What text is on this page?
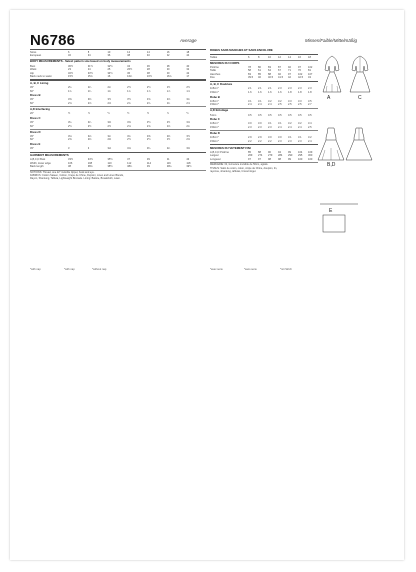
N6786	Average	Misses/Faible/Mittelmäßig
Sizes	6	8	10	12	14	16	18
European	32	34	36	38	40	42	44
BODY MEASUREMENTS - Select pattern size based on body measurements
Bust	30½	31½	32½	34	36	38	40
Waist	23	24	25	26½	28	30	32
Hip	32½	33½	34½	36	38	40	42
Back neck to waist	15½	15¾	16	16¼	16½	16¾	17
A, B, C Lining
45"	2¼	2¼	2¼	2½	2½	2½	2½
60"	1¾	1¾	1¾	1¾	1⅞	1⅞	1⅞
Dress B
45"	3⅜	3⅜	3½	3½	3⅝	3⅝	3¾
60"	2⅝	2⅝	2⅝	2¾	2¾	2¾	2⅞
A,D Interfacing
20"	½	½	½	½	½	½	½
Dress C
45"	3¼	3¼	3⅜	3⅜	3½	3½	3⅝
60"	2½	2½	2½	2⅝	2⅝	2⅝	2¾
Dress D
45"	3⅛	3⅛	3¼	3¼	3⅜	3⅜	3½
60"	2⅜	2⅜	2⅜	2½	2½	2½	2⅝
Dress E
45"	3	3	3⅛	3⅛	3¼	3¼	3⅜
GARMENT MEASUREMENTS
A,B,C,D Bust	33½	34½	35½	37	39	41	43
Width, lower edge	106	108	110	112	114	116	118
Back length	38	38¼	38½	38¾	39	39¼	39½
NOTIONS: Thread, one 22" invisible zipper, hook and eye.
FABRICS: Cotton Sateen, Cotton, Crepe de Chine, Dupioni, Linen and Linen Blends,
Rayon, Shantung, Taffeta, Lightweight Brocade. Lining: Batiste, Broadcloth, Lawn.
ROBES SANS MANCHES ET SANS ENCOLURE
Tailles	6	8	10	12	14	16	18
MESURES DU CORPS
Poitrine	78	80	83	87	92	97	102
Taille	58	61	64	67	71	76	81
Hanches	83	85	88	92	97	102	107
Dos	39.5	40	40.5	41.5	42	42.5	43
A, B, C Doublure
115cm*	2.1	2.1	2.1	2.3	2.3	2.3	2.3
150cm*	1.6	1.6	1.6	1.6	1.8	1.8	1.8
Robe B
115cm*	3.1	3.1	3.2	3.2	3.3	3.3	3.5
150cm*	2.4	2.4	2.4	2.5	2.5	2.5	2.7
A,D Entoilage
51cm	0.5	0.5	0.5	0.5	0.5	0.5	0.5
Robe C
115cm*	3.0	3.0	3.1	3.1	3.2	3.2	3.4
150cm*	2.3	2.3	2.3	2.4	2.4	2.4	2.5
Robe D
115cm*	2.9	2.9	3.0	3.0	3.1	3.1	3.2
150cm*	2.2	2.2	2.2	2.3	2.3	2.3	2.4
MESURES DU VÊTEMENT FINI
A,B,C,D Poitrine	85	88	90	94	99	104	109
Largeur	269	274	279	284	290	295	300
Longueur	97	97	98	98	99	100	100
MERCERIE: Fil, fermeture invisible de 56cm, agrafe.
TISSUS: Satin de coton, coton, crêpe de Chine, doupion, lin,
rayonne, shantung, taffetas, brocart léger.
A	C
B,D
E
*with nap	*with nap	*without nap	*avec sens	*sans sens	*mit Strich
